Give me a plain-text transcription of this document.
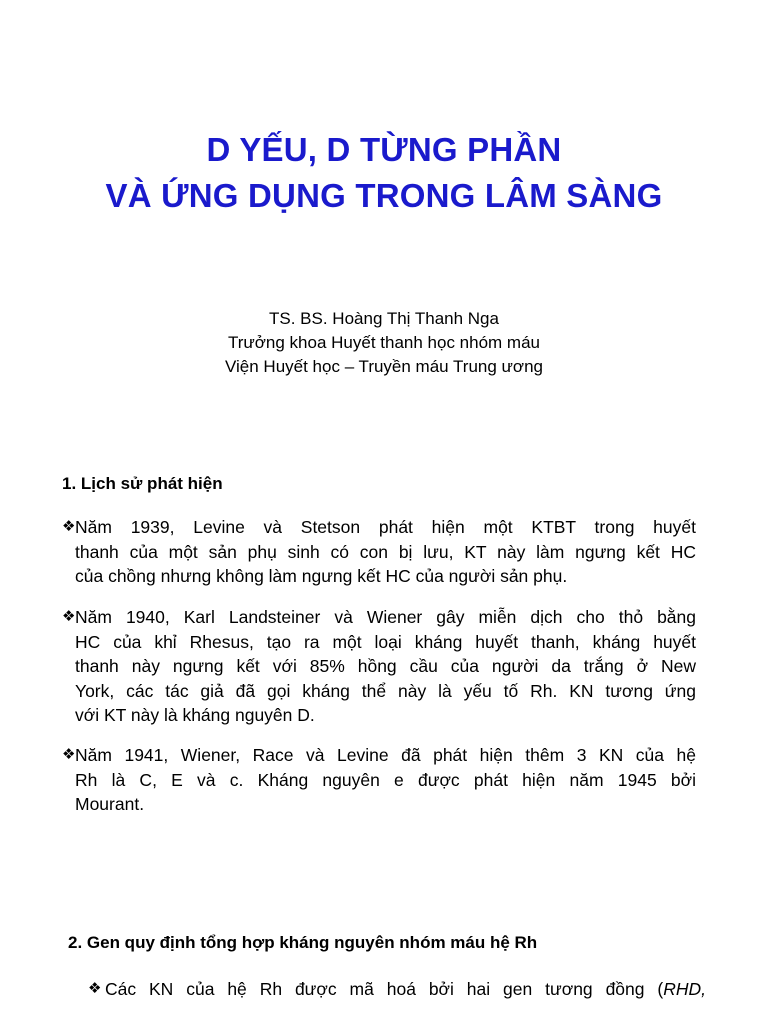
D YẾU, D TỪNG PHẦN
VÀ ỨNG DỤNG TRONG LÂM SÀNG
TS. BS. Hoàng Thị Thanh Nga
Trưởng khoa Huyết thanh học nhóm máu
Viện Huyết học – Truyền máu Trung ương
1. Lịch sử phát hiện
❖ Năm 1939, Levine và Stetson phát hiện một KTBT trong huyết
thanh của một sản phụ sinh có con bị lưu, KT này làm ngưng kết HC
của chồng nhưng không làm ngưng kết HC của người sản phụ.
❖ Năm 1940, Karl Landsteiner và Wiener gây miễn dịch cho thỏ bằng
HC của khỉ Rhesus, tạo ra một loại kháng huyết thanh, kháng huyết
thanh này ngưng kết với 85% hồng cầu của người da trắng ở New
York, các tác giả đã gọi kháng thể này là yếu tố Rh. KN tương ứng
với KT này là kháng nguyên D.
❖ Năm 1941, Wiener, Race và Levine đã phát hiện thêm 3 KN của hệ
Rh là C, E và c. Kháng nguyên e được phát hiện năm 1945 bởi
Mourant.
2. Gen quy định tổng hợp kháng nguyên nhóm máu hệ Rh
❖ Các KN của hệ Rh được mã hoá bởi hai gen tương đồng (RHD,
